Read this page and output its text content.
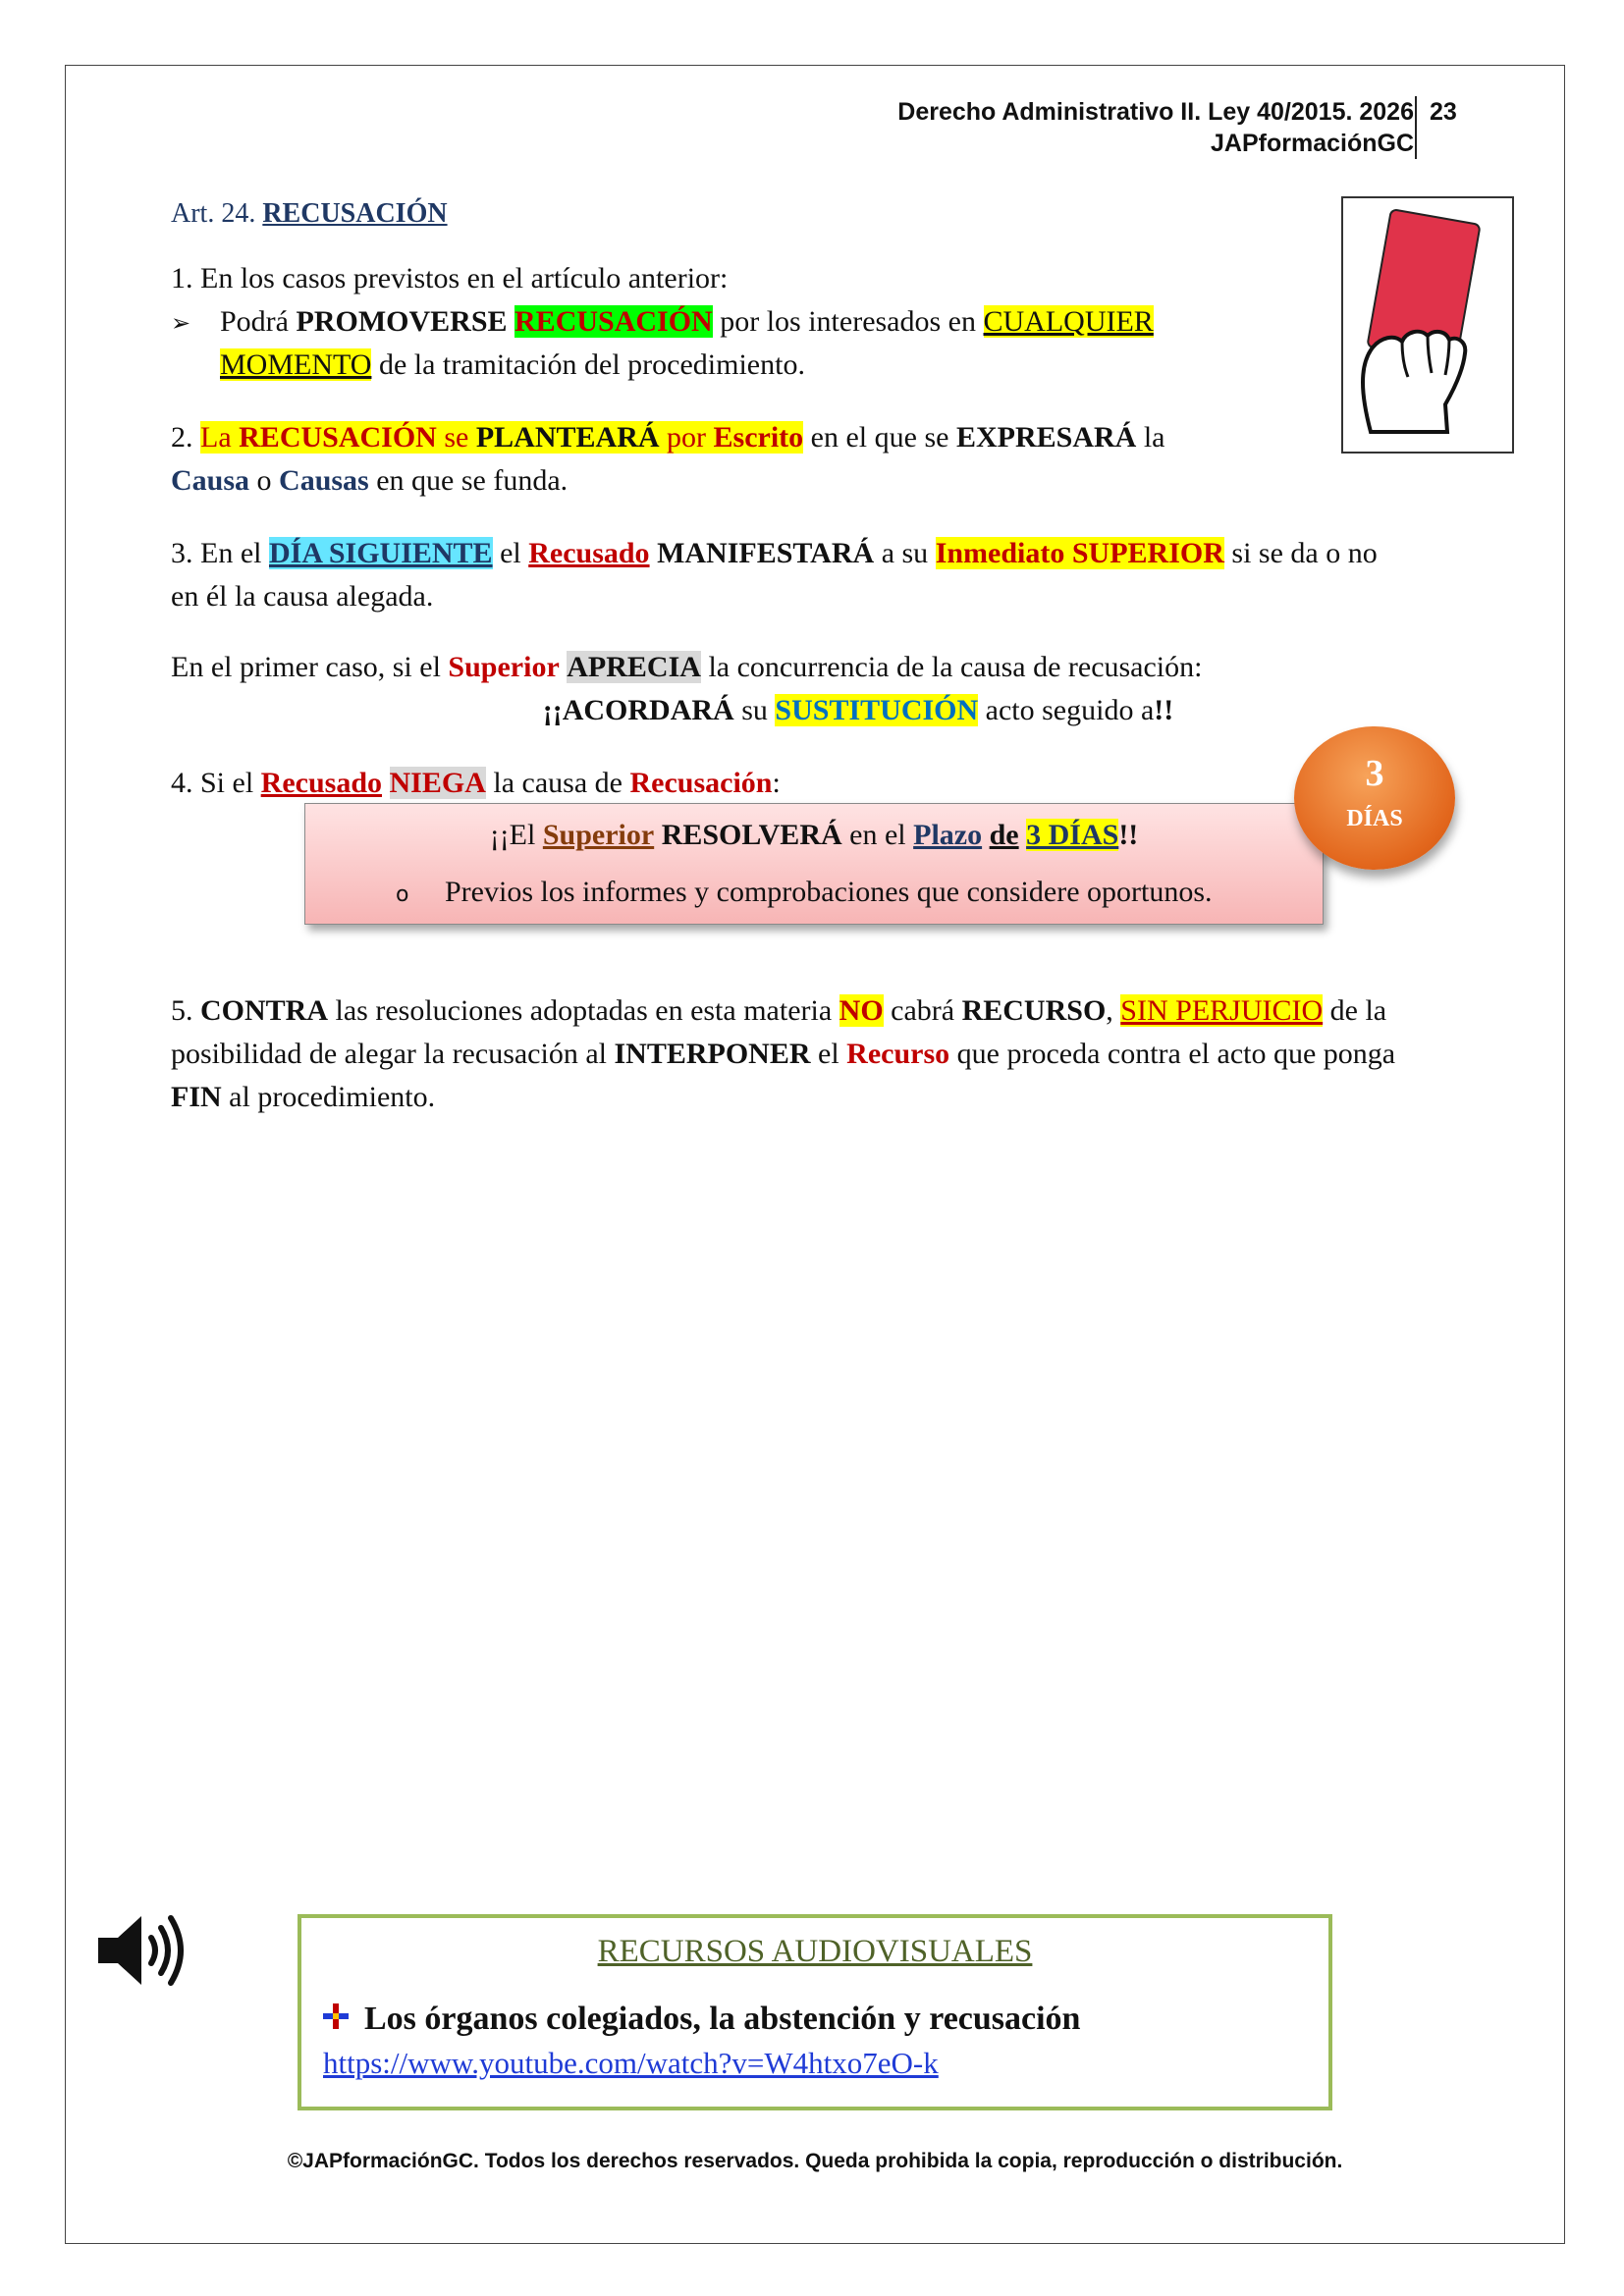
Derecho Administrativo II. Ley 40/2015. 2026
JAPformaciónGC
23
Art. 24. RECUSACIÓN
1. En los casos previstos en el artículo anterior:
➢ Podrá PROMOVERSE RECUSACIÓN por los interesados en CUALQUIER
MOMENTO de la tramitación del procedimiento.
2. La RECUSACIÓN se PLANTEARÁ por Escrito en el que se EXPRESARÁ la
Causa o Causas en que se funda.
3. En el DÍA SIGUIENTE el Recusado MANIFESTARÁ a su Inmediato SUPERIOR si se da o no
en él la causa alegada.
En el primer caso, si el Superior APRECIA la concurrencia de la causa de recusación:
¡¡ACORDARÁ su SUSTITUCIÓN acto seguido a!!
4. Si el Recusado NIEGA la causa de Recusación:
¡¡El Superior RESOLVERÁ en el Plazo de 3 DÍAS!!
o Previos los informes y comprobaciones que considere oportunos.
3
DÍAS
5. CONTRA las resoluciones adoptadas en esta materia NO cabrá RECURSO, SIN PERJUICIO de la
posibilidad de alegar la recusación al INTERPONER el Recurso que proceda contra el acto que ponga
FIN al procedimiento.
RECURSOS AUDIOVISUALES
Los órganos colegiados, la abstención y recusación
https://www.youtube.com/watch?v=W4htxo7eO-k
©JAPformaciónGC. Todos los derechos reservados. Queda prohibida la copia, reproducción o distribución.
